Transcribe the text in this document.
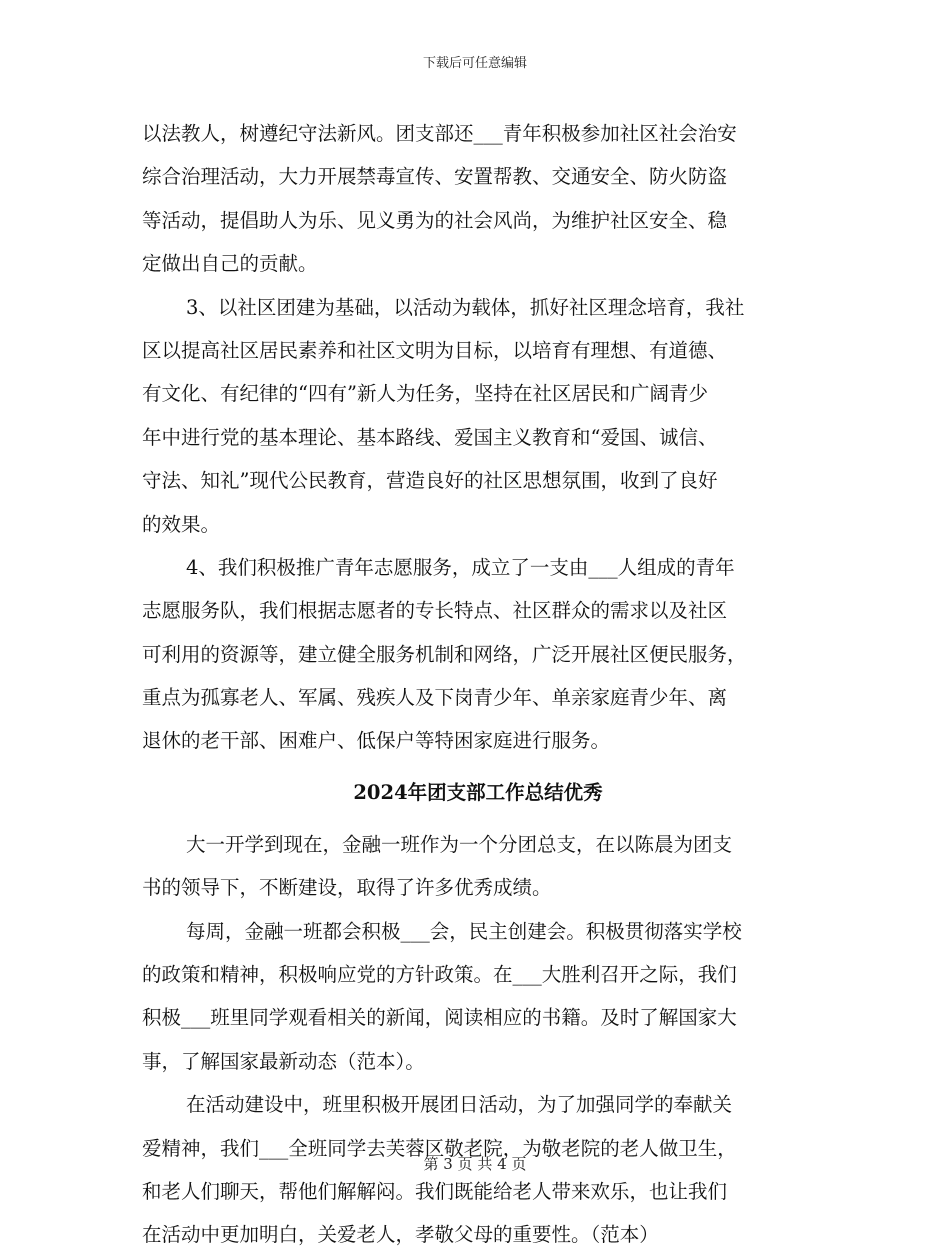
下载后可任意编辑
以法教人，树遵纪守法新风。团支部还___青年积极参加社区社会治安
综合治理活动，大力开展禁毒宣传、安置帮教、交通安全、防火防盗
等活动，提倡助人为乐、见义勇为的社会风尚，为维护社区安全、稳
定做出自己的贡献。
3、以社区团建为基础，以活动为载体，抓好社区理念培育，我社
区以提高社区居民素养和社区文明为目标，以培育有理想、有道德、
有文化、有纪律的“四有”新人为任务，坚持在社区居民和广阔青少
年中进行党的基本理论、基本路线、爱国主义教育和“爱国、诚信、
守法、知礼”现代公民教育，营造良好的社区思想氛围，收到了良好
的效果。
4、我们积极推广青年志愿服务，成立了一支由___人组成的青年
志愿服务队，我们根据志愿者的专长特点、社区群众的需求以及社区
可利用的资源等，建立健全服务机制和网络，广泛开展社区便民服务，
重点为孤寡老人、军属、残疾人及下岗青少年、单亲家庭青少年、离
退休的老干部、困难户、低保户等特困家庭进行服务。
2024年团支部工作总结优秀
大一开学到现在，金融一班作为一个分团总支，在以陈晨为团支
书的领导下，不断建设，取得了许多优秀成绩。
每周，金融一班都会积极___会，民主创建会。积极贯彻落实学校
的政策和精神，积极响应党的方针政策。在___大胜利召开之际，我们
积极___班里同学观看相关的新闻，阅读相应的书籍。及时了解国家大
事，了解国家最新动态（范本）。
在活动建设中，班里积极开展团日活动，为了加强同学的奉献关
爱精神，我们___全班同学去芙蓉区敬老院，为敬老院的老人做卫生，
和老人们聊天，帮他们解解闷。我们既能给老人带来欢乐，也让我们
在活动中更加明白，关爱老人，孝敬父母的重要性。（范本）
第 3 页 共 4 页
